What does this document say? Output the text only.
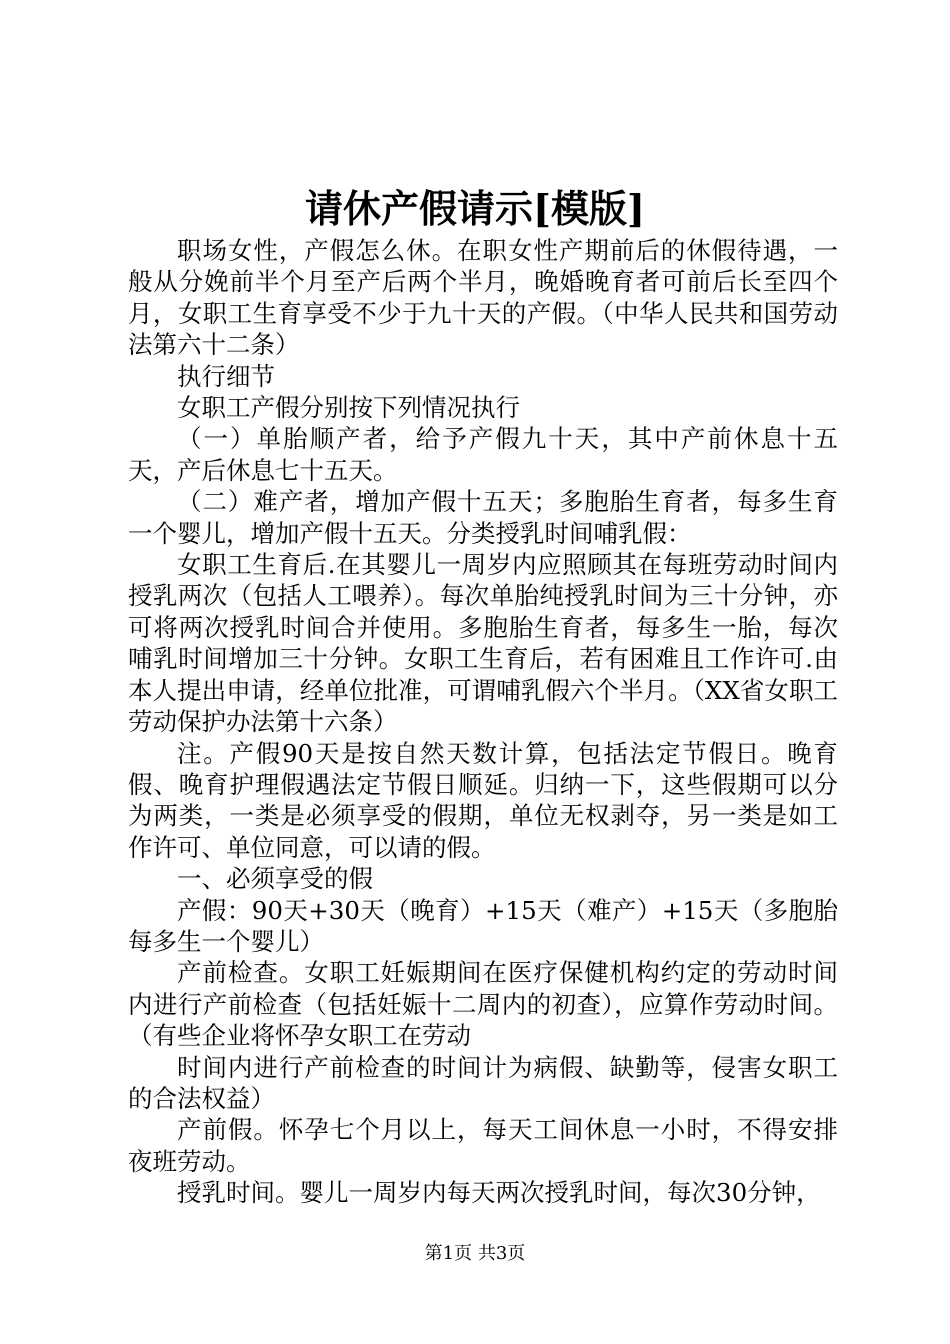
请休产假请示[模版]

职场女性，产假怎么休。在职女性产期前后的休假待遇，一般从分娩前半个月至产后两个半月，晚婚晚育者可前后长至四个月，女职工生育享受不少于九十天的产假。（中华人民共和国劳动法第六十二条）

执行细节

女职工产假分别按下列情况执行

（一）单胎顺产者，给予产假九十天，其中产前休息十五天，产后休息七十五天。

（二）难产者，增加产假十五天；多胞胎生育者，每多生育一个婴儿，增加产假十五天。分类授乳时间哺乳假：

女职工生育后.在其婴儿一周岁内应照顾其在每班劳动时间内授乳两次（包括人工喂养）。每次单胎纯授乳时间为三十分钟，亦可将两次授乳时间合并使用。多胞胎生育者，每多生一胎，每次哺乳时间增加三十分钟。女职工生育后，若有困难且工作许可.由本人提出申请，经单位批准，可谓哺乳假六个半月。（XX省女职工劳动保护办法第十六条）

注。产假90天是按自然天数计算，包括法定节假日。晚育假、晚育护理假遇法定节假日顺延。归纳一下，这些假期可以分为两类，一类是必须享受的假期，单位无权剥夺，另一类是如工作许可、单位同意，可以请的假。

一、必须享受的假

产假：90天+30天（晚育）+15天（难产）+15天（多胞胎每多生一个婴儿）

产前检查。女职工妊娠期间在医疗保健机构约定的劳动时间内进行产前检查（包括妊娠十二周内的初查），应算作劳动时间。（有些企业将怀孕女职工在劳动

时间内进行产前检查的时间计为病假、缺勤等，侵害女职工的合法权益）

产前假。怀孕七个月以上，每天工间休息一小时，不得安排夜班劳动。

授乳时间。婴儿一周岁内每天两次授乳时间，每次30分钟，

第1页 共3页
